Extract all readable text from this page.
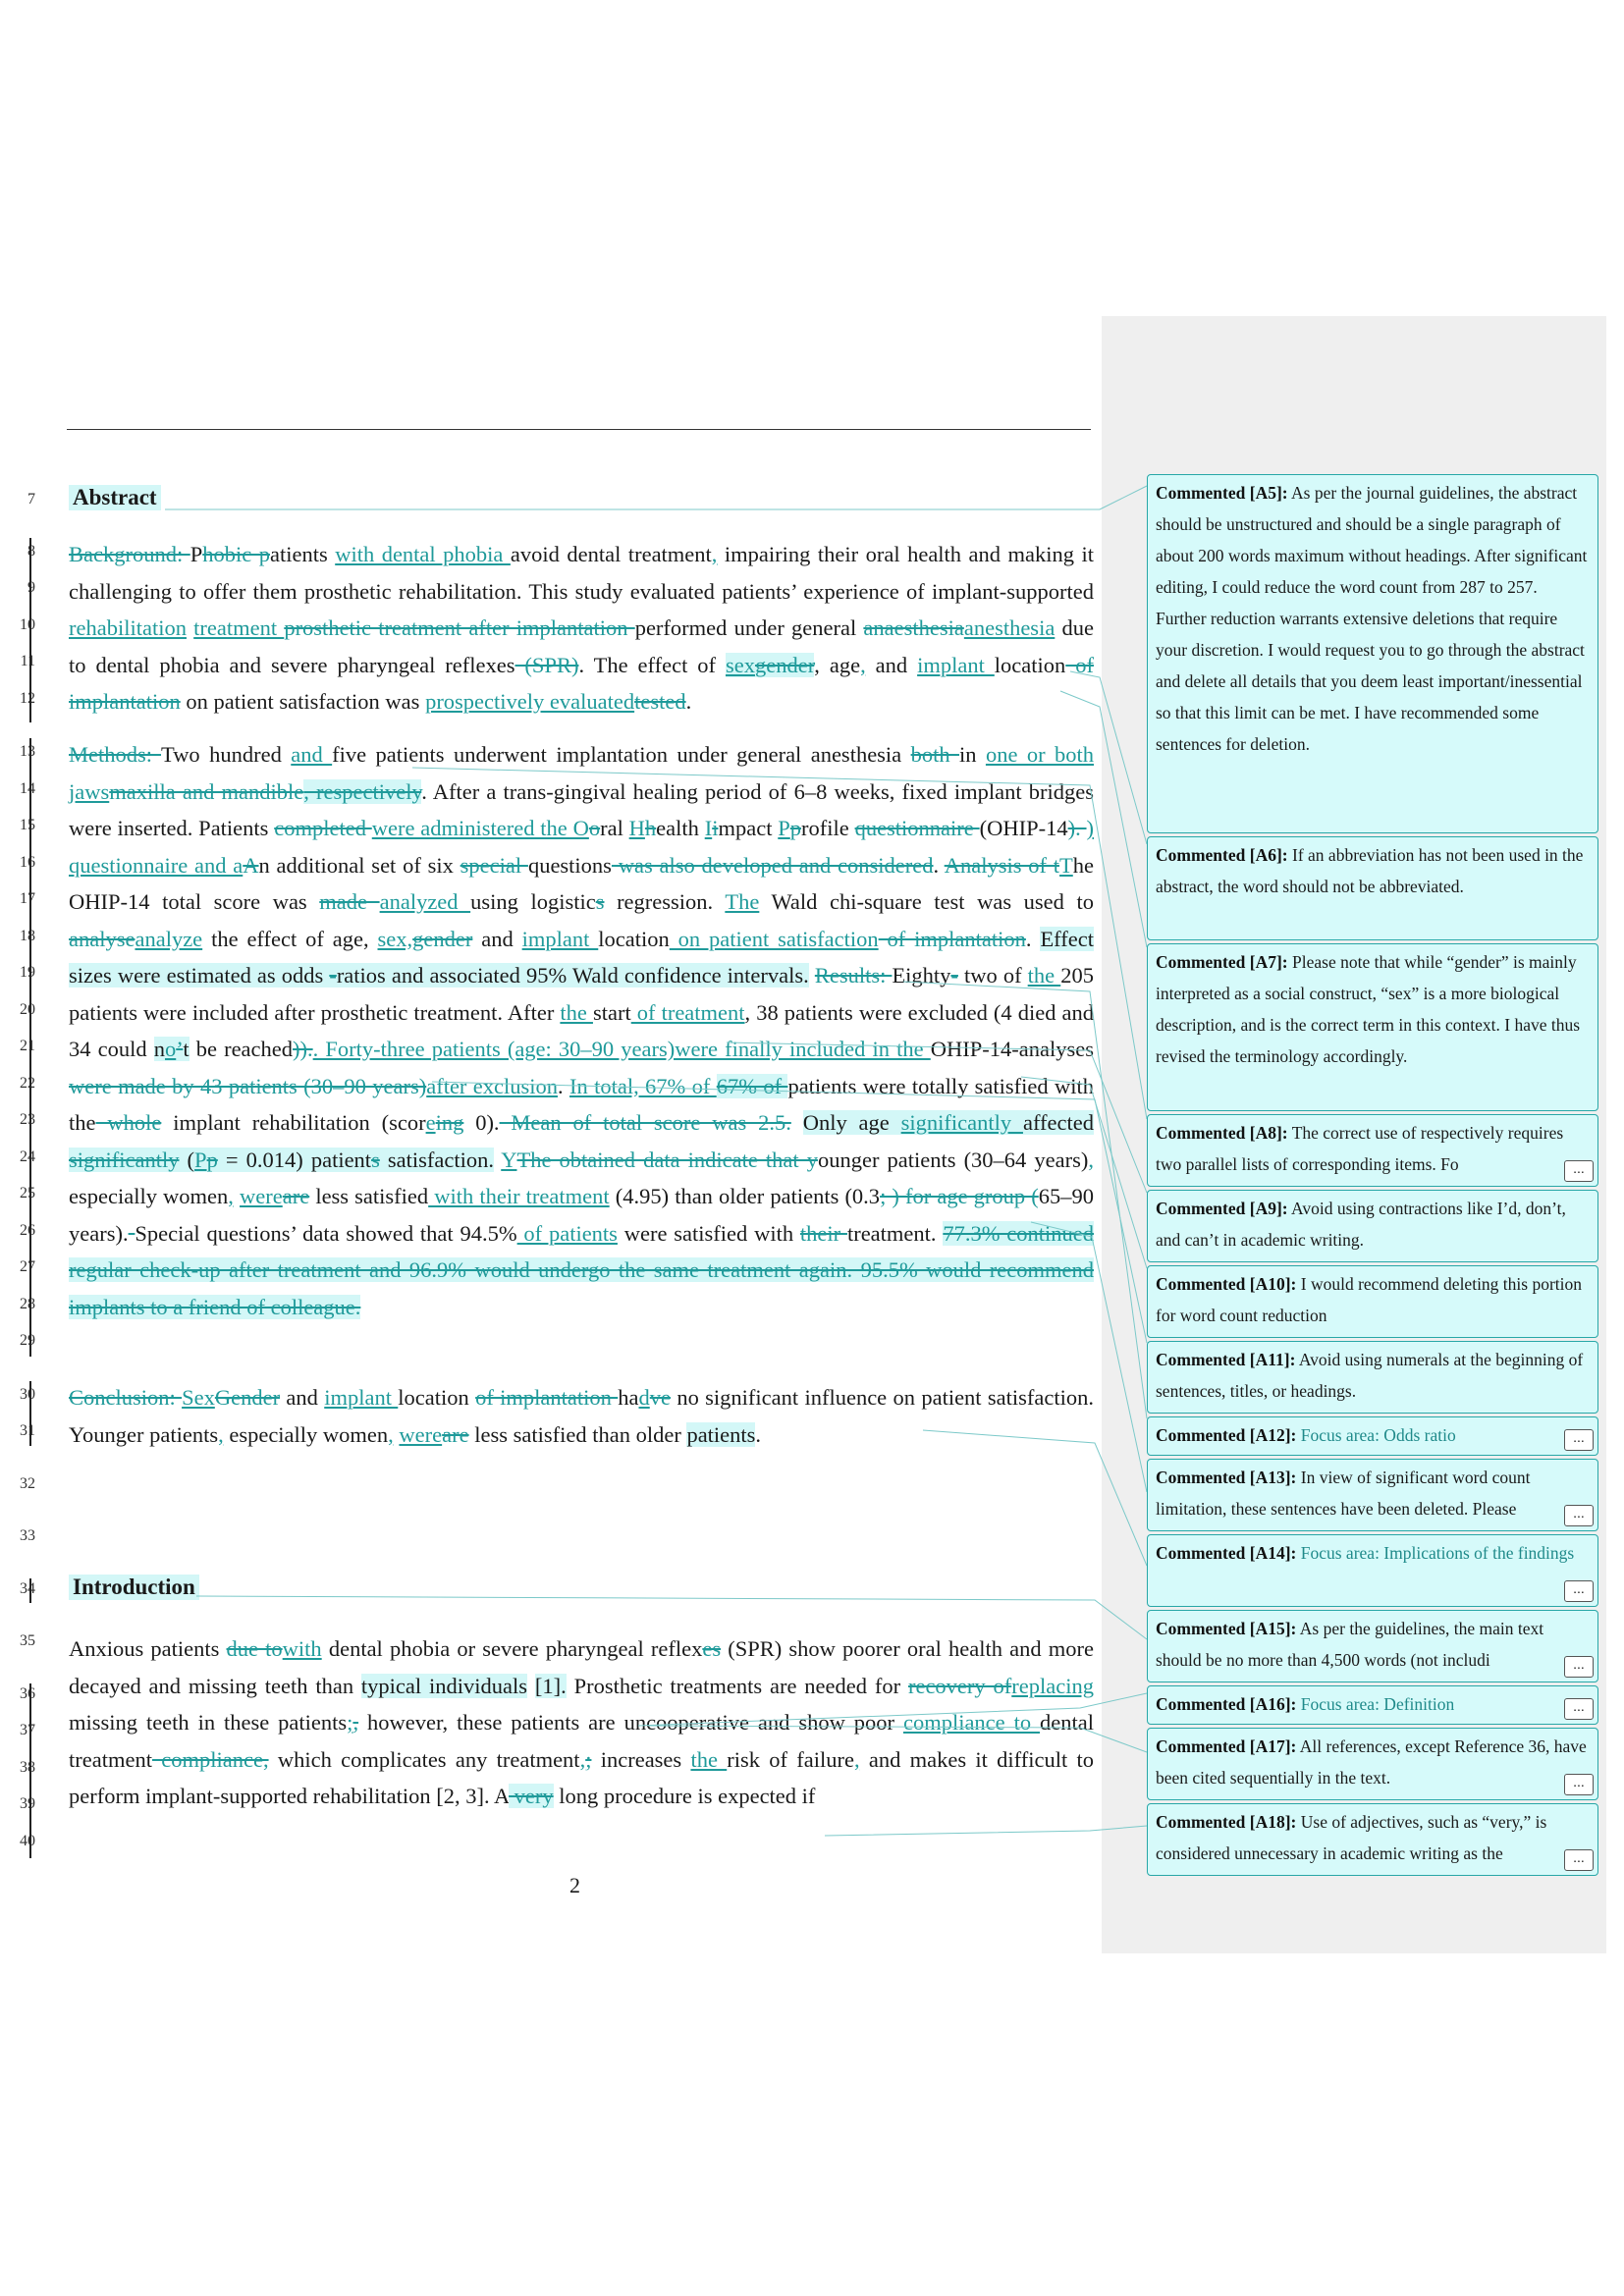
7
8
9
10
11
12
13
14
15
16
17
18
19
20
21
22
23
24
25
26
27
28
29
30
31
32
33
34
35
36
37
38
39
40
Abstract
Introduction
Background: Phobic patients with dental phobia avoid dental treatment, impairing their oral health and making it challenging to offer them prosthetic rehabilitation. This study evaluated patients’ experience of implant-supported rehabilitation treatment prosthetic treatment after implantation performed under general anaesthesiaanesthesia due to dental phobia and severe pharyngeal reflexes (SPR). The effect of sexgender, age, and implant location of implantation on patient satisfaction was prospectively evaluatedtested.
Methods: Two hundred and five patients underwent implantation under general anesthesia both in one or both jawsmaxilla and mandible, respectively. After a trans-gingival healing period of 6–8 weeks, fixed implant bridges were inserted. Patients completed were administered the Ooral Hhealth Iimpact Pprofile questionnaire (OHIP-14). ) questionnaire and aAn additional set of six special questions was also developed and considered. Analysis of tThe OHIP-14 total score was made analyzed using logistics regression. The Wald chi-square test was used to analyseanalyze the effect of age, sex,gender and implant location on patient satisfaction of implantation. Effect sizes were estimated as odds -ratios and associated 95% Wald confidence intervals. Results: Eighty- two of the 205 patients were included after prosthetic treatment. After the start of treatment, 38 patients were excluded (4 died and 34 could no’t be reached)).. Forty-three patients (age: 30–90 years)were finally included in the OHIP-14-analyses were made by 43 patients (30–90 years)after exclusion. In total, 67% of 67% of patients were totally satisfied with the whole implant rehabilitation (scoreing 0). Mean of total score was 2.5. Only age significantly affected significantly (Pp = 0.014) patients satisfaction. YThe obtained data indicate that younger patients (30–64 years), especially women, wereare less satisfied with their treatment (4.95) than older patients (0.3; ) for age group (65–90 years). Special questions’ data showed that 94.5% of patients were satisfied with their treatment. 77.3% continued regular check-up after treatment and 96.9% would undergo the same treatment again. 95.5% would recommend implants to a friend of colleague.
Conclusion: SexGender and implant location of implantation hadve no significant influence on patient satisfaction. Younger patients, especially women, wereare less satisfied than older patients.
Anxious patients due towith dental phobia or severe pharyngeal reflexes (SPR) show poorer oral health and more decayed and missing teeth than typical individuals [1]. Prosthetic treatments are needed for recovery ofreplacing missing teeth in these patients;, however, these patients are uncooperative and show poor compliance to dental treatment compliance, which complicates any treatment,; increases the risk of failure, and makes it difficult to perform implant-supported rehabilitation [2, 3]. A very long procedure is expected if
2
Commented [A5]: As per the journal guidelines, the abstract should be unstructured and should be a single paragraph of about 200 words maximum without headings. After significant editing, I could reduce the word count from 287 to 257. Further reduction warrants extensive deletions that require your discretion. I would request you to go through the abstract and delete all details that you deem least important/inessential so that this limit can be met. I have recommended some sentences for deletion.
Commented [A6]: If an abbreviation has not been used in the abstract, the word should not be abbreviated.
Commented [A7]: Please note that while “gender” is mainly interpreted as a social construct, “sex” is a more biological description, and is the correct term in this context. I have thus revised the terminology accordingly.
Commented [A8]: The correct use of respectively requires two parallel lists of corresponding items. Fo	...
Commented [A9]: Avoid using contractions like I’d, don’t, and can’t in academic writing.
Commented [A10]: I would recommend deleting this portion for word count reduction
Commented [A11]: Avoid using numerals at the beginning of sentences, titles, or headings.
Commented [A12]: Focus area: Odds ratio	...
Commented [A13]: In view of significant word count limitation, these sentences have been deleted. Please	...
Commented [A14]: Focus area: Implications of the findings
...
Commented [A15]: As per the guidelines, the main text should be no more than 4,500 words (not includi	...
Commented [A16]: Focus area: Definition	...
Commented [A17]: All references, except Reference 36, have been cited sequentially in the text.	...
Commented [A18]: Use of adjectives, such as “very,” is considered unnecessary in academic writing as the	...
